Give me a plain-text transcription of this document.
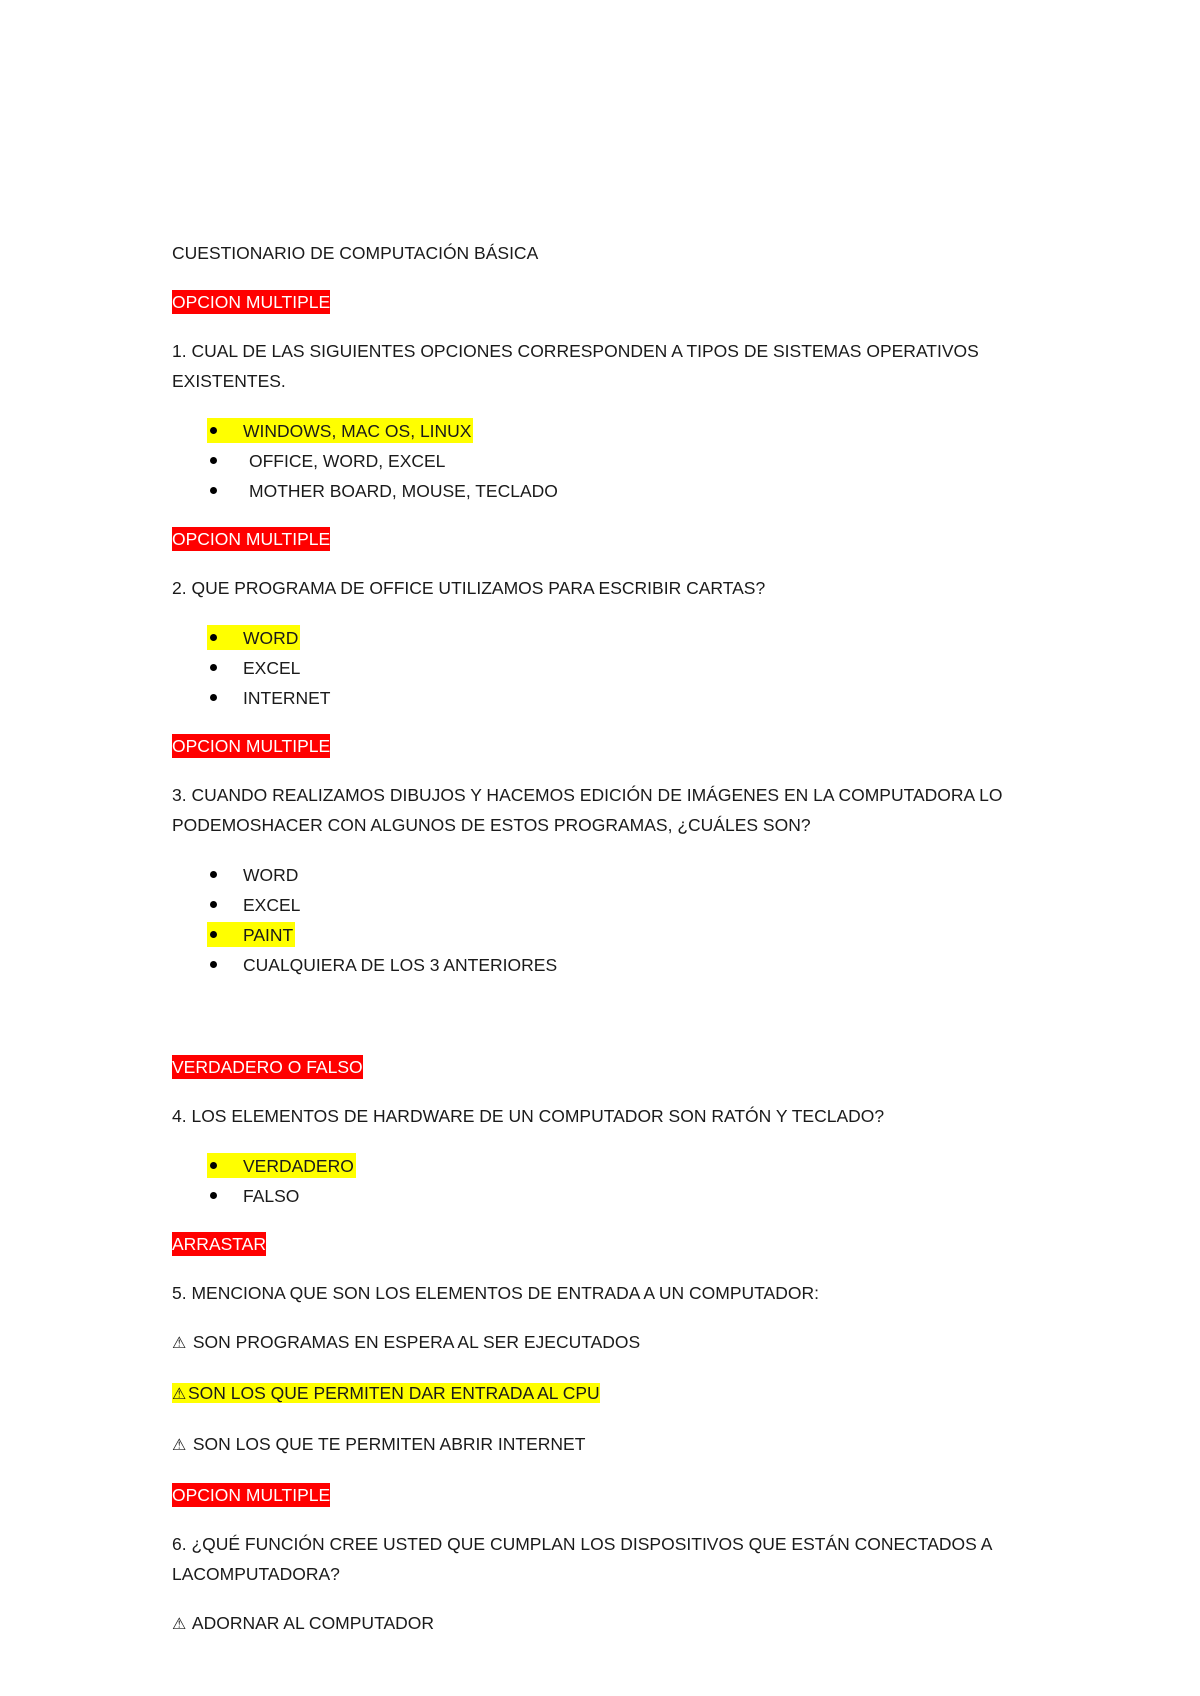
CUESTIONARIO DE COMPUTACIÓN BÁSICA

OPCION MULTIPLE

1. CUAL DE LAS SIGUIENTES OPCIONES CORRESPONDEN A TIPOS DE SISTEMAS OPERATIVOS EXISTENTES.

WINDOWS, MAC OS, LINUX
OFFICE, WORD, EXCEL
MOTHER BOARD, MOUSE, TECLADO

OPCION MULTIPLE

2. QUE PROGRAMA DE OFFICE UTILIZAMOS PARA ESCRIBIR CARTAS?

WORD
EXCEL
INTERNET

OPCION MULTIPLE

3. CUANDO REALIZAMOS DIBUJOS Y HACEMOS EDICIÓN DE IMÁGENES EN LA COMPUTADORA LO PODEMOSHACER CON ALGUNOS DE ESTOS PROGRAMAS, ¿CUÁLES SON?

WORD
EXCEL
PAINT
CUALQUIERA DE LOS 3 ANTERIORES

VERDADERO O FALSO

4. LOS ELEMENTOS DE HARDWARE DE UN COMPUTADOR SON RATÓN Y TECLADO?

VERDADERO
FALSO

ARRASTAR

5. MENCIONA QUE SON LOS ELEMENTOS DE ENTRADA A UN COMPUTADOR:

⚠ SON PROGRAMAS EN ESPERA AL SER EJECUTADOS

⚠SON LOS QUE PERMITEN DAR ENTRADA AL CPU

⚠ SON LOS QUE TE PERMITEN ABRIR INTERNET

OPCION MULTIPLE

6. ¿QUÉ FUNCIÓN CREE USTED QUE CUMPLAN LOS DISPOSITIVOS QUE ESTÁN CONECTADOS A LACOMPUTADORA?

⚠ ADORNAR AL COMPUTADOR
